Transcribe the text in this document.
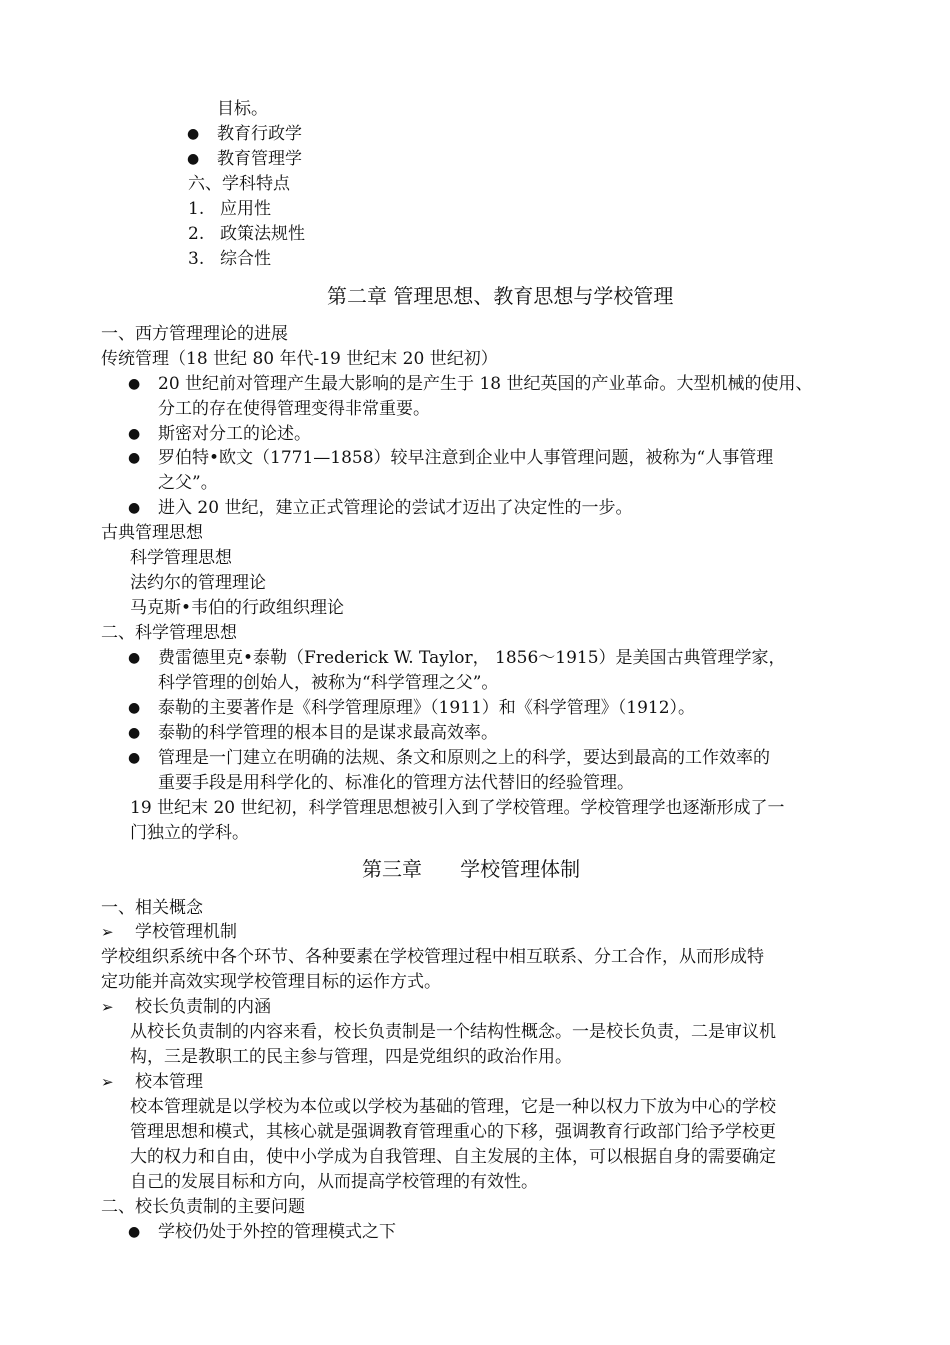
目标。
● 教育行政学
● 教育管理学
六、学科特点
1. 应用性
2. 政策法规性
3. 综合性
第二章 管理思想、教育思想与学校管理
一、西方管理理论的进展
传统管理（18 世纪 80 年代-19 世纪末 20 世纪初）
● 20 世纪前对管理产生最大影响的是产生于 18 世纪英国的产业革命。大型机械的使用、
分工的存在使得管理变得非常重要。
● 斯密对分工的论述。
● 罗伯特•欧文（1771—1858）较早注意到企业中人事管理问题，被称为“人事管理
之父”。
● 进入 20 世纪，建立正式管理论的尝试才迈出了决定性的一步。
古典管理思想
科学管理思想
法约尔的管理理论
马克斯•韦伯的行政组织理论
二、科学管理思想
● 费雷德里克•泰勒（Frederick W. Taylor， 1856～1915）是美国古典管理学家，
科学管理的创始人，被称为“科学管理之父”。
● 泰勒的主要著作是《科学管理原理》（1911）和《科学管理》（1912）。
● 泰勒的科学管理的根本目的是谋求最高效率。
● 管理是一门建立在明确的法规、条文和原则之上的科学，要达到最高的工作效率的
重要手段是用科学化的、标准化的管理方法代替旧的经验管理。
19 世纪末 20 世纪初，科学管理思想被引入到了学校管理。学校管理学也逐渐形成了一
门独立的学科。
第三章      学校管理体制
一、相关概念
➢ 学校管理机制
学校组织系统中各个环节、各种要素在学校管理过程中相互联系、分工合作，从而形成特
定功能并高效实现学校管理目标的运作方式。
➢ 校长负责制的内涵
从校长负责制的内容来看，校长负责制是一个结构性概念。一是校长负责，二是审议机
构，三是教职工的民主参与管理，四是党组织的政治作用。
➢ 校本管理
校本管理就是以学校为本位或以学校为基础的管理，它是一种以权力下放为中心的学校
管理思想和模式，其核心就是强调教育管理重心的下移，强调教育行政部门给予学校更
大的权力和自由，使中小学成为自我管理、自主发展的主体，可以根据自身的需要确定
自己的发展目标和方向，从而提高学校管理的有效性。
二、校长负责制的主要问题
● 学校仍处于外控的管理模式之下
